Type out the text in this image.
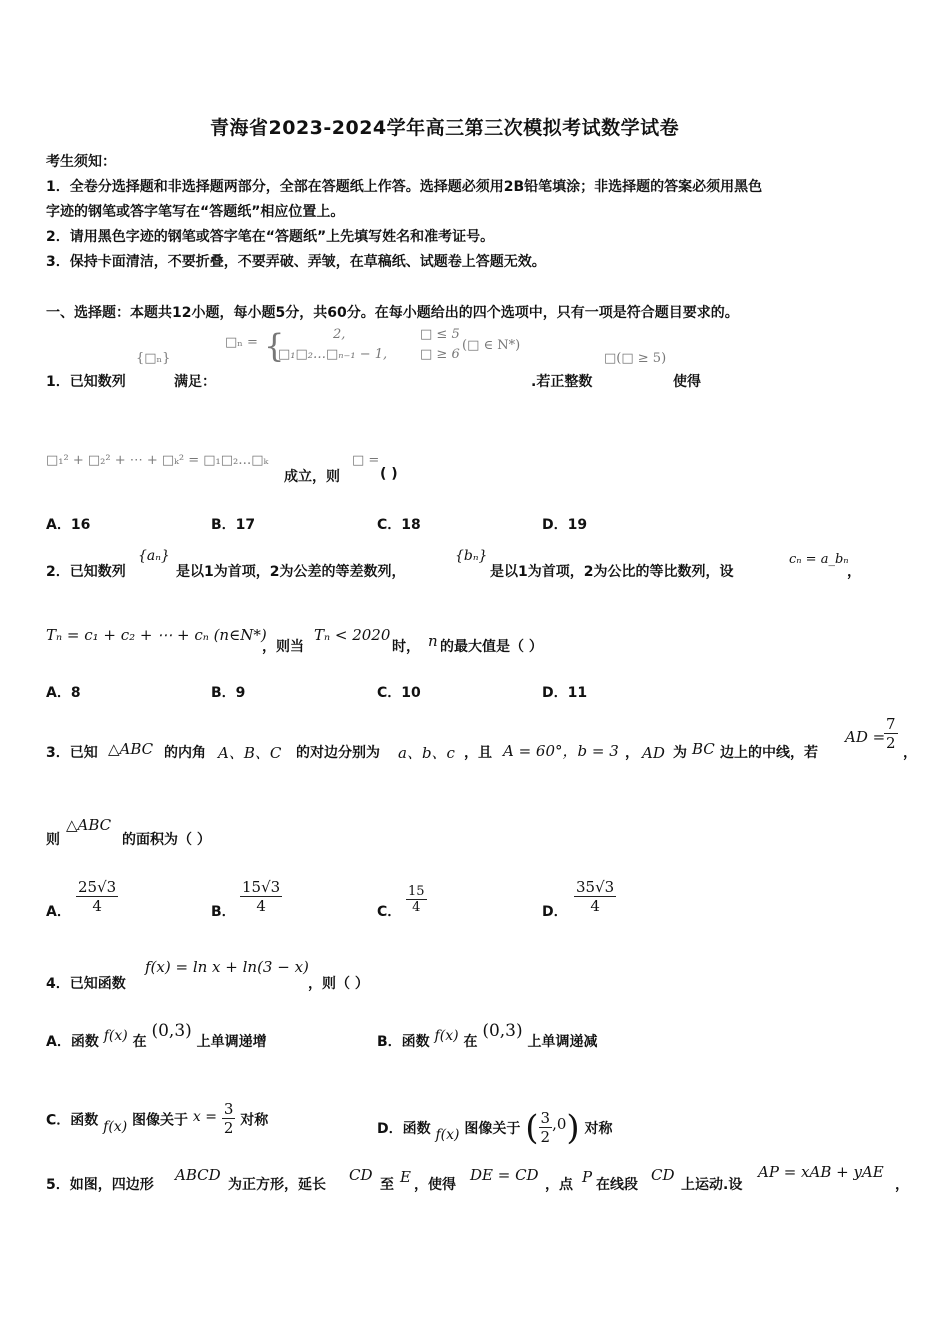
青海省2023-2024学年高三第三次模拟考试数学试卷
考生须知：
1．全卷分选择题和非选择题两部分，全部在答题纸上作答。选择题必须用2B铅笔填涂；非选择题的答案必须用黑色
字迹的钢笔或答字笔写在“答题纸”相应位置上。
2．请用黑色字迹的钢笔或答字笔在“答题纸”上先填写姓名和准考证号。
3．保持卡面清洁，不要折叠，不要弄破、弄皱，在草稿纸、试题卷上答题无效。
一、选择题：本题共12小题，每小题5分，共60分。在每小题给出的四个选项中，只有一项是符合题目要求的。
{□ₙ}
□ₙ = {	2,
□₁□₂…□ₙ₋₁ − 1,
□ ≤ 5
□ ≥ 6
(□ ∈ N*)
□(□ ≥ 5)
1．已知数列	满足：	.若正整数	使得
□₁² + □₂² + ⋯ + □ₖ² = □₁□₂…□ₖ
成立，则
□ =
( )
A．16	B．17	C．18	D．19
2．已知数列
{aₙ}
是以1为首项，2为公差的等差数列，
{bₙ}
是以1为首项，2为公比的等比数列，设
cₙ = a_bₙ
，
Tₙ = c₁ + c₂ + ⋯ + cₙ (n∈N*)
，则当
Tₙ < 2020
时， n 的最大值是（ ）
A．8	B．9	C．10	D．11
3．已知 △ABC 的内角 A、B、C 的对边分别为 a、b、c ，且 A = 60°，b = 3 ， AD 为 BC 边上的中线，若
AD =
$\frac{7}{2}$
，
则
△ABC
的面积为（ ）
A． $\frac{25√3}{4}$	B． $\frac{15√3}{4}$	C． $\frac{15}{4}$	D． $\frac{35√3}{4}$
4．已知函数
f(x) = ln x + ln(3 − x)
，则（ ）
A．函数 f(x) 在 (0,3) 上单调递增	B．函数 f(x) 在 (0,3) 上单调递减
C．函数 f(x) 图像关于 $x = \frac{3}{2}$ 对称
D．函数 f(x) 图像关于 ( $\frac{3}{2} ,0$) 对称
5．如图，四边形
ABCD
为正方形，延长
CD
至 E ，使得
DE = CD
，点 P 在线段
CD
上运动.设
AP = xAB + yAE
，
